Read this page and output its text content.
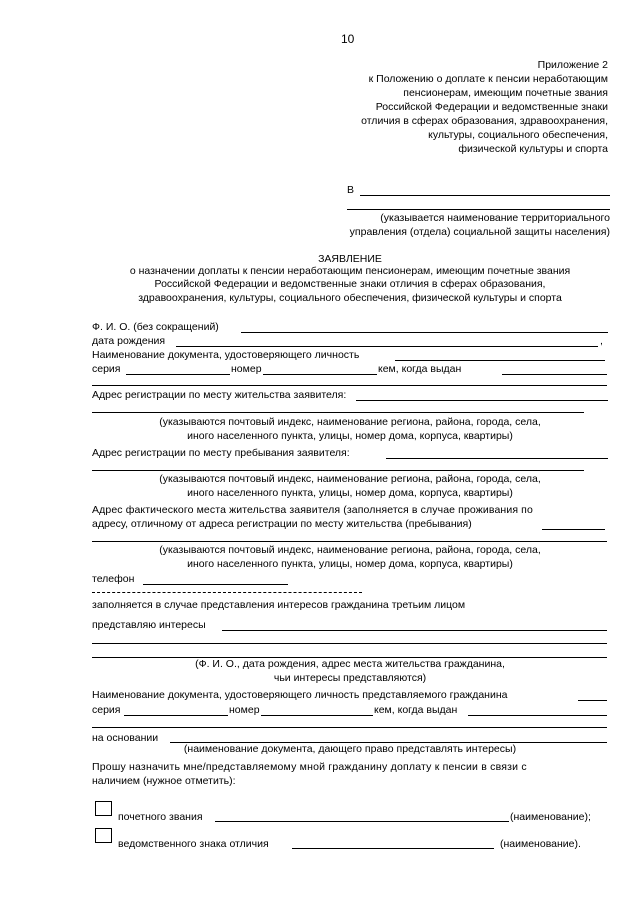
10
Приложение 2
к Положению о доплате к пенсии неработающим
пенсионерам, имеющим почетные звания
Российской Федерации и ведомственные знаки
отличия в сферах образования, здравоохранения,
культуры, социального обеспечения,
физической культуры и спорта
В
(указывается наименование территориального
управления (отдела) социальной защиты населения)
ЗАЯВЛЕНИЕ
о назначении доплаты к пенсии неработающим пенсионерам, имеющим почетные звания
Российской Федерации и ведомственные знаки отличия в сферах образования,
здравоохранения, культуры, социального обеспечения, физической культуры и спорта
Ф. И. О. (без сокращений)
дата рождения	,
Наименование документа, удостоверяющего личность
серия	номер	кем, когда выдан
Адрес регистрации по месту жительства заявителя:
(указываются почтовый индекс, наименование региона, района, города, села,
иного населенного пункта, улицы, номер дома, корпуса, квартиры)
Адрес регистрации по месту пребывания заявителя:
(указываются почтовый индекс, наименование региона, района, города, села,
иного населенного пункта, улицы, номер дома, корпуса, квартиры)
Адрес фактического места жительства заявителя (заполняется в случае проживания по
адресу, отличному от адреса регистрации по месту жительства (пребывания)
(указываются почтовый индекс, наименование региона, района, города, села,
иного населенного пункта, улицы, номер дома, корпуса, квартиры)
телефон
заполняется в случае представления интересов гражданина третьим лицом
представляю интересы
(Ф. И. О., дата рождения, адрес места жительства гражданина,
чьи интересы представляются)
Наименование документа, удостоверяющего личность представляемого гражданина
серия	номер	кем, когда выдан
на основании
(наименование документа, дающего право представлять интересы)
Прошу назначить мне/представляемому мной гражданину доплату к пенсии в связи с
наличием (нужное отметить):
почетного звания	(наименование);
ведомственного знака отличия	(наименование).
